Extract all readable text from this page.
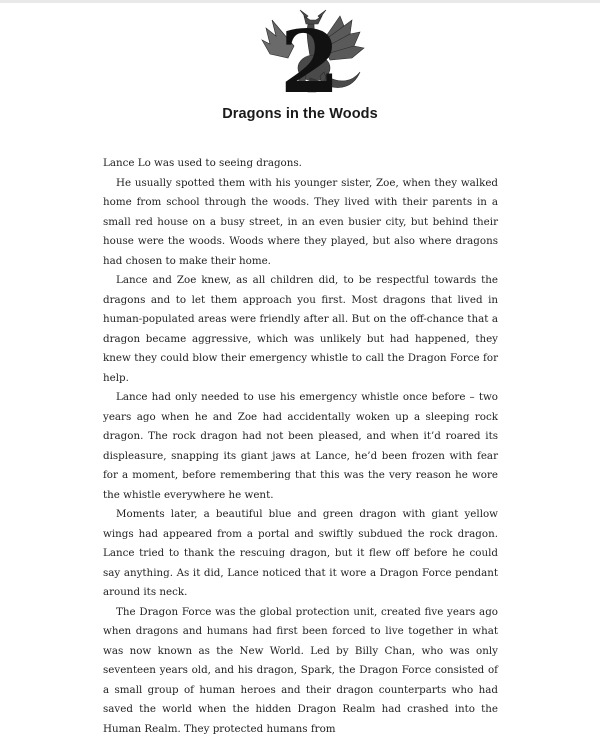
2
Dragons in the Woods

Lance Lo was used to seeing dragons.

He usually spotted them with his younger sister, Zoe, when they walked home from school through the woods. They lived with their parents in a small red house on a busy street, in an even busier city, but behind their house were the woods. Woods where they played, but also where dragons had chosen to make their home.

Lance and Zoe knew, as all children did, to be respectful towards the dragons and to let them approach you first. Most dragons that lived in human-populated areas were friendly after all. But on the off-chance that a dragon became aggressive, which was unlikely but had happened, they knew they could blow their emergency whistle to call the Dragon Force for help.

Lance had only needed to use his emergency whistle once before – two years ago when he and Zoe had accidentally woken up a sleeping rock dragon. The rock dragon had not been pleased, and when it’d roared its displeasure, snapping its giant jaws at Lance, he’d been frozen with fear for a moment, before remembering that this was the very reason he wore the whistle everywhere he went.

Moments later, a beautiful blue and green dragon with giant yellow wings had appeared from a portal and swiftly subdued the rock dragon. Lance tried to thank the rescuing dragon, but it flew off before he could say anything. As it did, Lance noticed that it wore a Dragon Force pendant around its neck.

The Dragon Force was the global protection unit, created five years ago when dragons and humans had first been forced to live together in what was now known as the New World. Led by Billy Chan, who was only seventeen years old, and his dragon, Spark, the Dragon Force consisted of a small group of human heroes and their dragon counterparts who had saved the world when the hidden Dragon Realm had crashed into the Human Realm. They protected humans from
